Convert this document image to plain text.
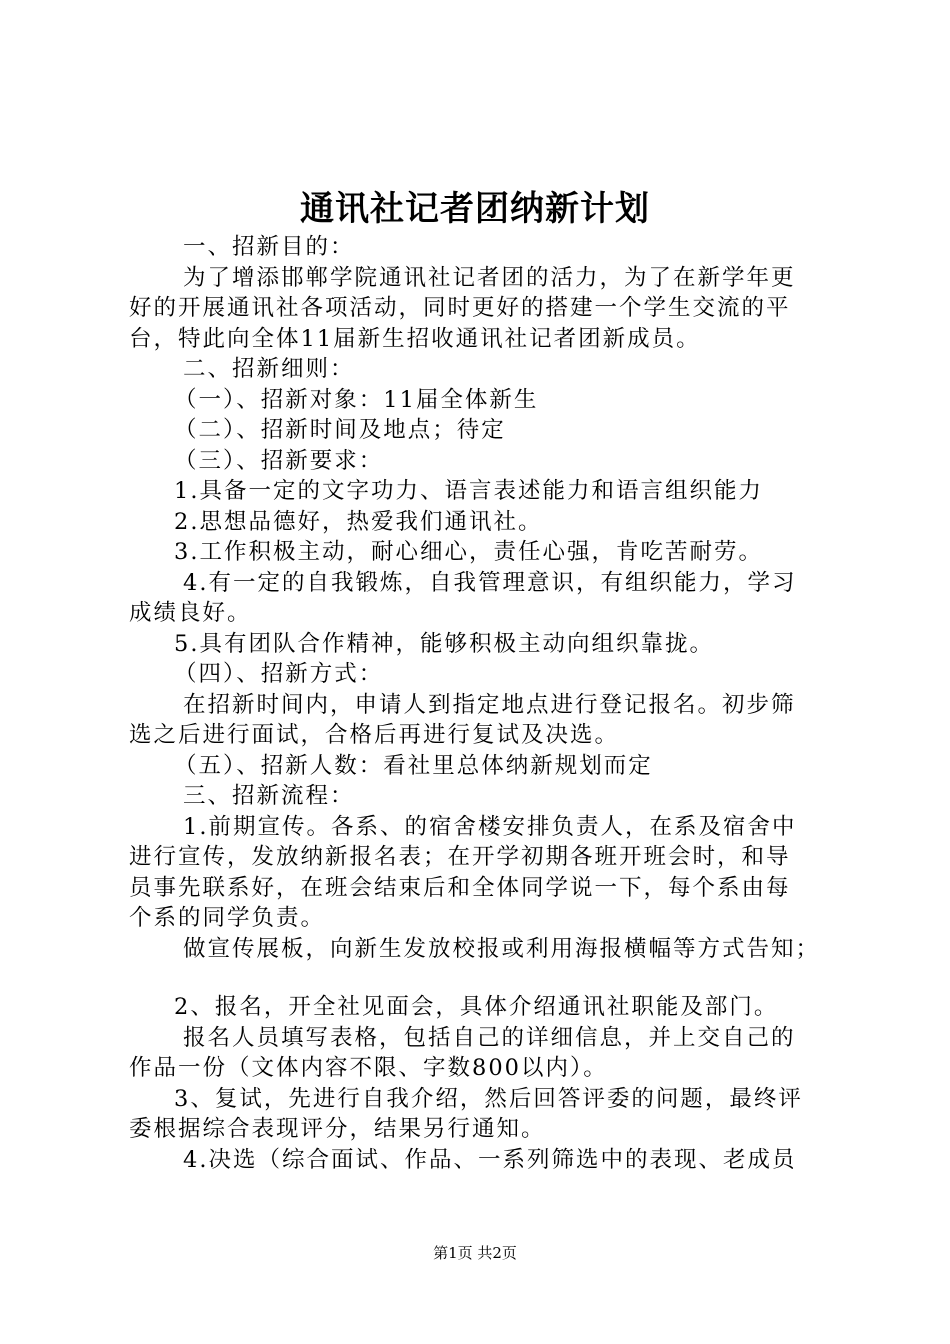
通讯社记者团纳新计划

一、招新目的：

为了增添邯郸学院通讯社记者团的活力，为了在新学年更

好的开展通讯社各项活动，同时更好的搭建一个学生交流的平

台，特此向全体11届新生招收通讯社记者团新成员。

二、招新细则：

（一）、招新对象：11届全体新生

（二）、招新时间及地点；待定

（三）、招新要求：

1.具备一定的文字功力、语言表述能力和语言组织能力

2.思想品德好，热爱我们通讯社。

3.工作积极主动，耐心细心，责任心强，肯吃苦耐劳。

4.有一定的自我锻炼，自我管理意识，有组织能力，学习

成绩良好。

5.具有团队合作精神，能够积极主动向组织靠拢。

（四）、招新方式：

在招新时间内，申请人到指定地点进行登记报名。初步筛

选之后进行面试，合格后再进行复试及决选。

（五）、招新人数：看社里总体纳新规划而定

三、招新流程：

1.前期宣传。各系、的宿舍楼安排负责人，在系及宿舍中

进行宣传，发放纳新报名表；在开学初期各班开班会时，和导

员事先联系好，在班会结束后和全体同学说一下，每个系由每

个系的同学负责。

做宣传展板，向新生发放校报或利用海报横幅等方式告知；

2、报名，开全社见面会，具体介绍通讯社职能及部门。

报名人员填写表格，包括自己的详细信息，并上交自己的

作品一份（文体内容不限、字数800以内）。

3、复试，先进行自我介绍，然后回答评委的问题，最终评

委根据综合表现评分，结果另行通知。

4.决选（综合面试、作品、一系列筛选中的表现、老成员

第1页 共2页
